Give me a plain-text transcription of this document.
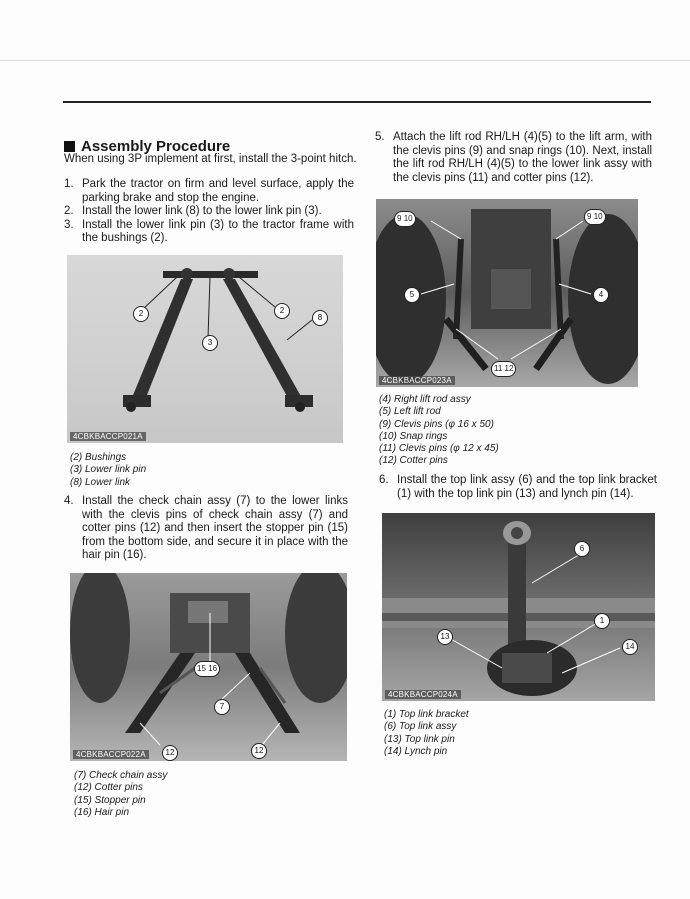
Assembly Procedure
When using 3P implement at first, install the 3-point hitch.
1. Park the tractor on firm and level surface, apply the parking brake and stop the engine.
2. Install the lower link (8) to the lower link pin (3).
3. Install the lower link pin (3) to the tractor frame with the bushings (2).
2	2
3
8
4CBKBACCP021A
(2) Bushings
(3) Lower link pin
(8) Lower link
4. Install the check chain assy (7) to the lower links with the clevis pins of check chain assy (7) and cotter pins (12) and then insert the stopper pin (15) from the bottom side, and secure it in place with the hair pin (16).
15
16
7
12	12
4CBKBACCP022A
(7) Check chain assy
(12) Cotter pins
(15) Stopper pin
(16) Hair pin
5. Attach the lift rod RH/LH (4)(5) to the lift arm, with the clevis pins (9) and snap rings (10). Next, install the lift rod RH/LH (4)(5) to the lower link assy with the clevis pins (11) and cotter pins (12).
9
10	9
10
5	4
11
12
4CBKBACCP023A
(4) Right lift rod assy
(5) Left lift rod
(9) Clevis pins (φ 16 x 50)
(10) Snap rings
(11) Clevis pins (φ 12 x 45)
(12) Cotter pins
6. Install the top link assy (6) and the top link bracket (1) with the top link pin (13) and lynch pin (14).
6
1
13
14
4CBKBACCP024A
(1) Top link bracket
(6) Top link assy
(13) Top link pin
(14) Lynch pin
